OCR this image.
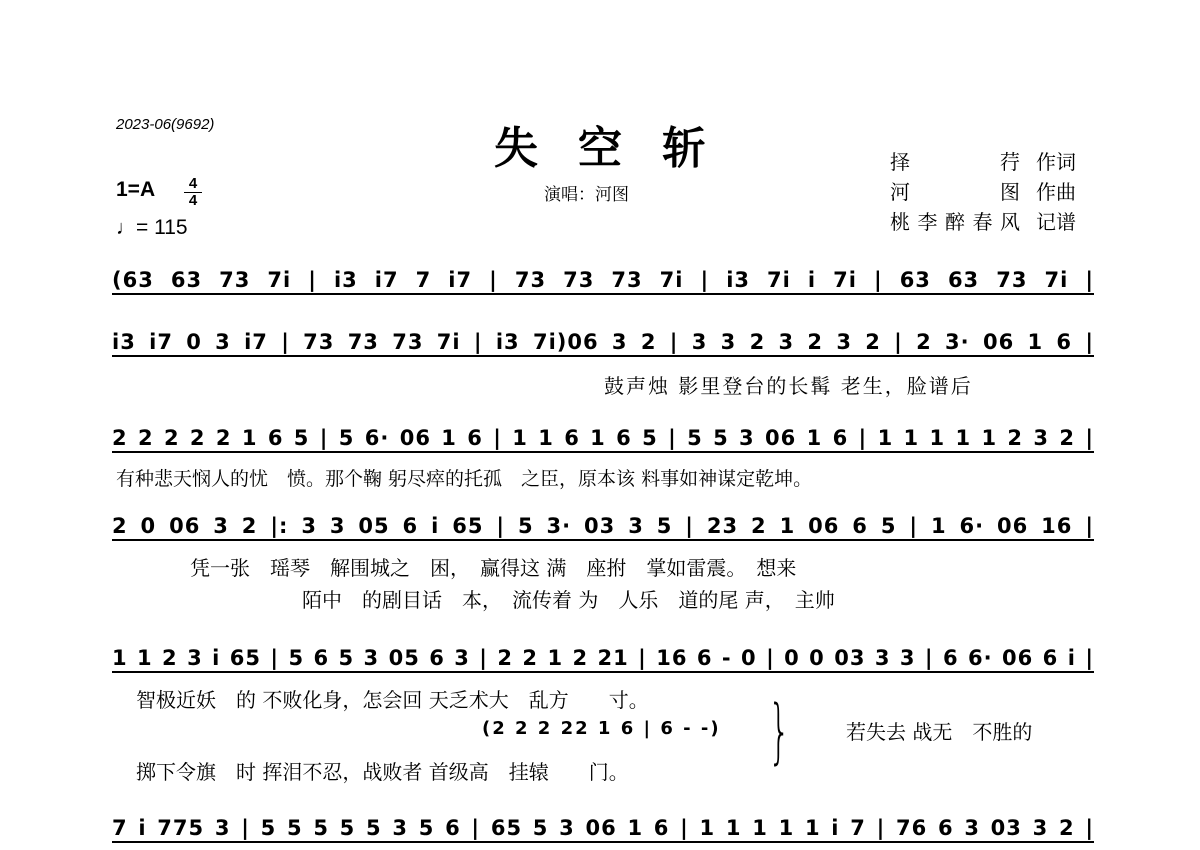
2023-06(9692)	失空斩
演唱：河图
择荇 作词
河图 作曲
桃李醉春风 记谱
1=A	4
4
♩= 115
(63 63 73 7i | i3 i7 7 i7 | 73 73 73 7i | i3 7i i 7i | 63 63 73 7i |
i3 i7 0 3 i7 | 73 73 73 7i | i3 7i)06 3 2 | 3 3 2 3 2 3 2 | 2 3· 06 1 6 |
鼓声烛 影里登台的长髯 老生，脸谱后
2 2 2 2 2 1 6 5 | 5 6· 06 1 6 | 1 1 6 1 6 5 | 5 5 3 06 1 6 | 1 1 1 1 1 2 3 2 |
有种悲天悯人的忧　愤。那个鞠 躬尽瘁的托孤　之臣，原本该 料事如神谋定乾坤。
2 0 06 3 2 |: 3 3 05 6 i 65 | 5 3· 03 3 5 | 23 2 1 06 6 5 | 1 6· 06 16 |
凭一张　瑶琴　解围城之　困，　赢得这 满　座拊　掌如雷震。　想来
陌中　的剧目话　本，　流传着 为　人乐　道的尾 声，　主帅
1 1 2 3 i 65 | 5 6 5 3 05 6 3 | 2 2 1 2 21 | 16 6 - 0 | 0 0 03 3 3 | 6 6· 06 6 i |
智极近妖　的 不败化身，怎会回 天乏术大　乱方　　寸。
(2 2 2 22 1 6 | 6 - -) }	若失去 战无　不胜的
掷下令旗　时 挥泪不忍，战败者 首级高　挂辕　　门。
7 i 775 3 | 5 5 5 5 5 3 5 6 | 65 5 3 06 1 6 | 1 1 1 1 1 i 7 | 76 6 3 03 3 2 |
